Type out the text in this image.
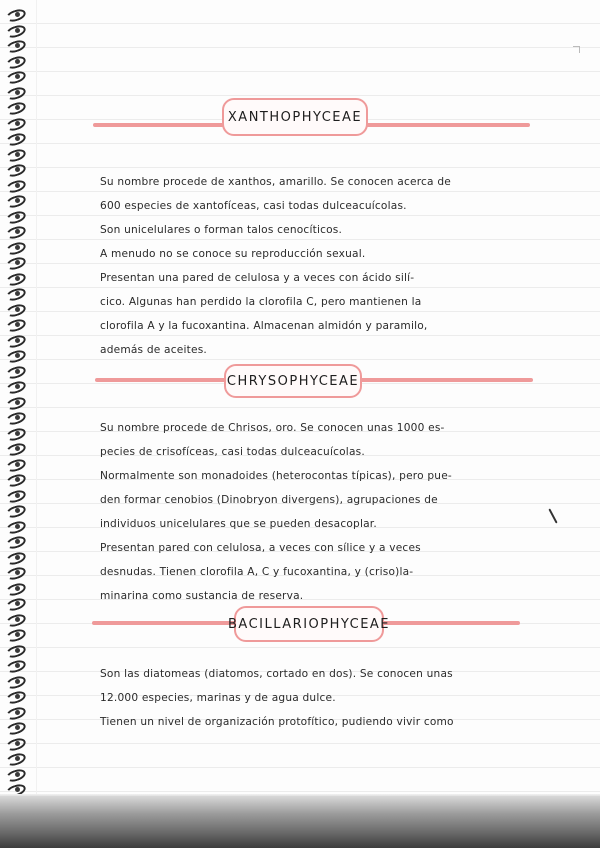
XANTHOPHYCEAE
Su nombre procede de xanthos, amarillo. Se conocen acerca de
600 especies de xantofíceas, casi todas dulceacuícolas.
Son unicelulares o forman talos cenocíticos.
A menudo no se conoce su reproducción sexual.
Presentan una pared de celulosa y a veces con ácido silí-
cico. Algunas han perdido la clorofila C, pero mantienen la
clorofila A y la fucoxantina. Almacenan almidón y paramilo,
además de aceites.
CHRYSOPHYCEAE
Su nombre procede de Chrisos, oro. Se conocen unas 1000 es-
pecies de crisofíceas, casi todas dulceacuícolas.
Normalmente son monadoides (heterocontas típicas), pero pue-
den formar cenobios (Dinobryon divergens), agrupaciones de
individuos unicelulares que se pueden desacoplar.
Presentan pared con celulosa, a veces con sílice y a veces
desnudas. Tienen clorofila A, C y fucoxantina, y (criso)la-
minarina como sustancia de reserva.
BACILLARIOPHYCEAE
Son las diatomeas (diatomos, cortado en dos). Se conocen unas
12.000 especies, marinas y de agua dulce.
Tienen un nivel de organización protofítico, pudiendo vivir como
